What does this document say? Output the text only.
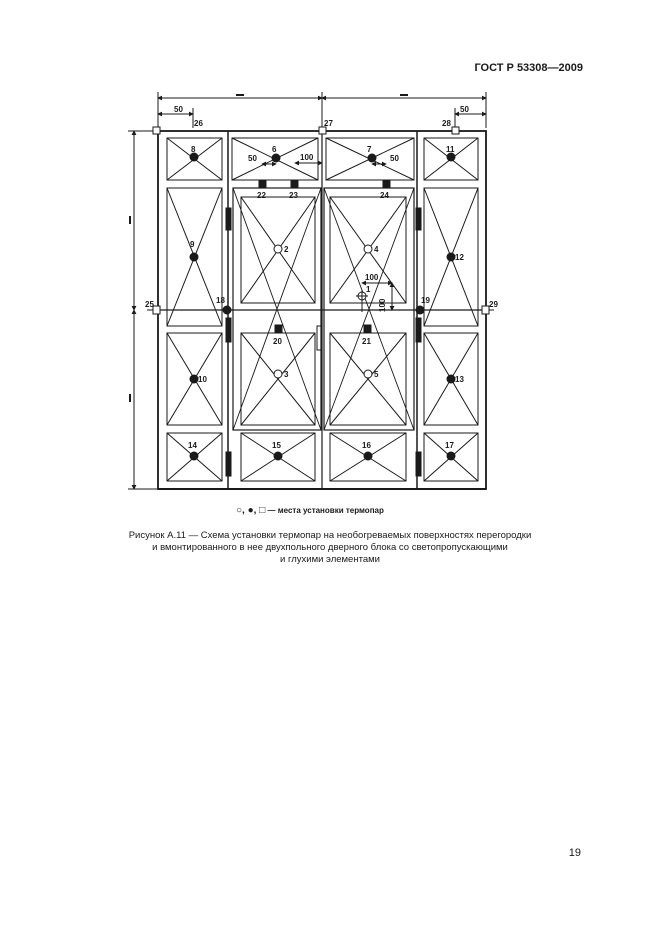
ГОСТ Р 53308—2009
1
2
3
4
5
6	7
8
9
10
11
12
13
14	15	16	17
18	19
20	21
22	23	24
25
26	27	28
29
50	50
50	100	50
100
100
○, ●, □ — места установки термопар
Рисунок А.11 — Схема установки термопар на необогреваемых поверхностях перегородки
и вмонтированного в нее двухпольного дверного блока со светопропускающими
и глухими элементами
19
